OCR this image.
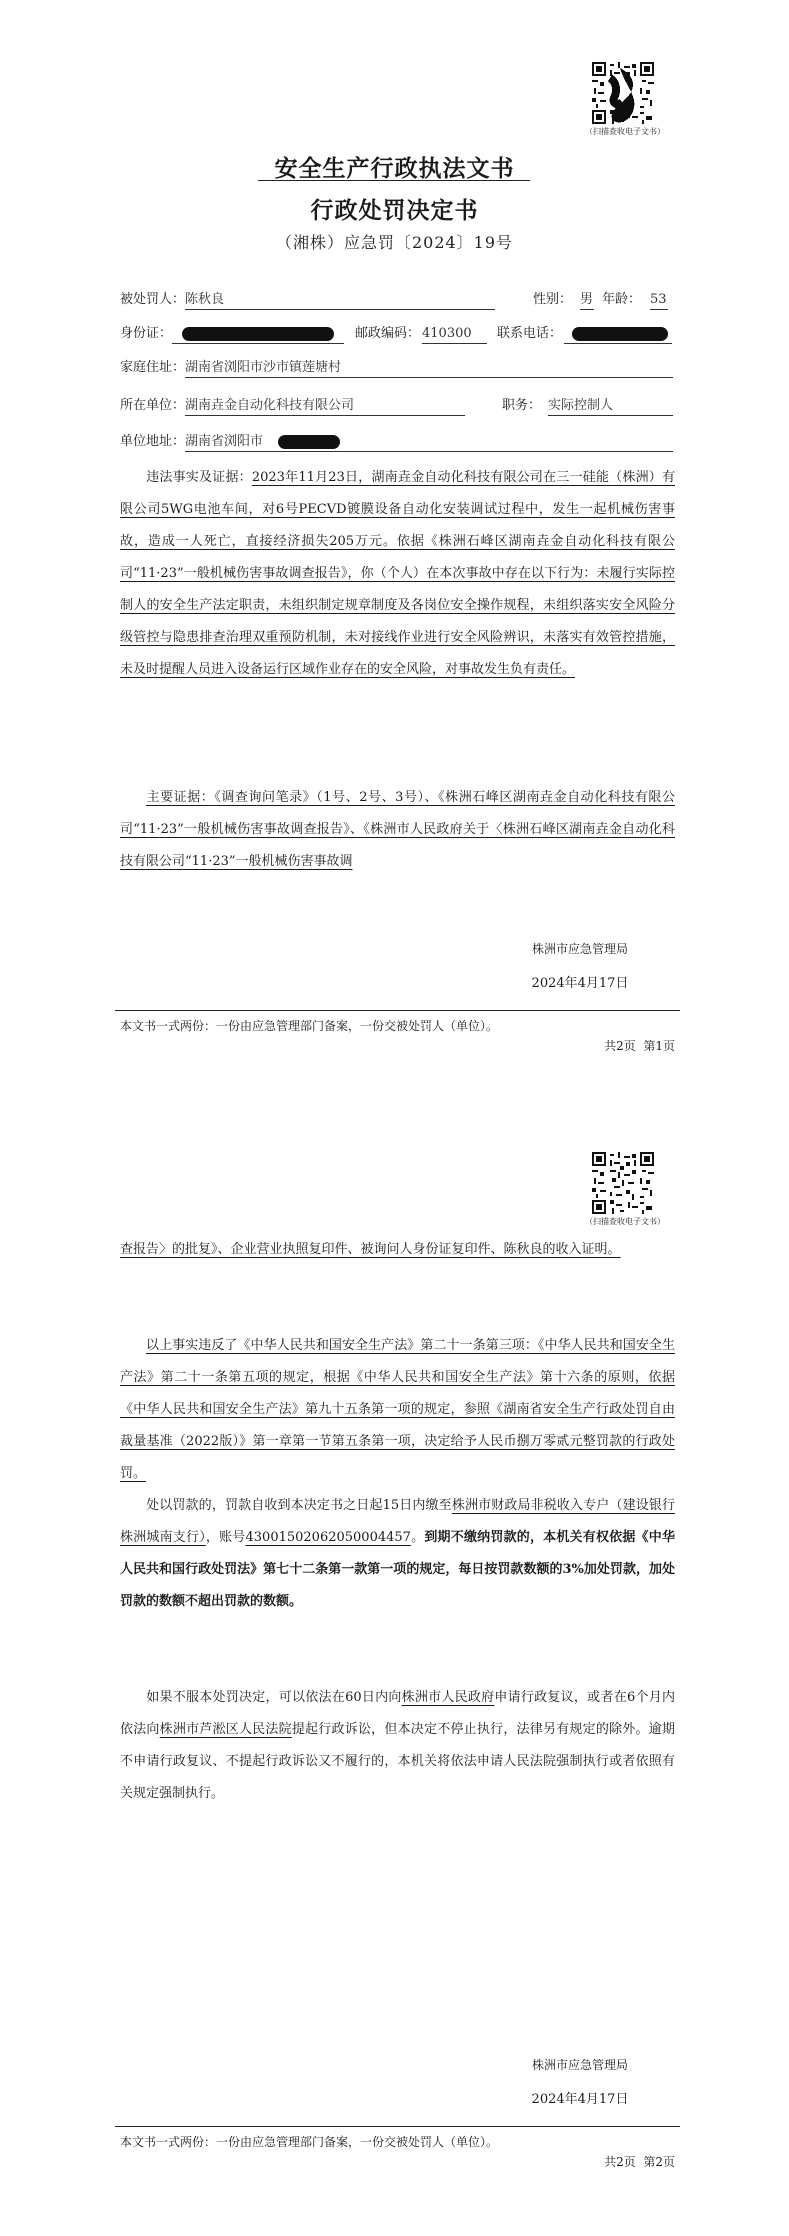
（扫描查收电子文书）
安全生产行政执法文书
行政处罚决定书
（湘株）应急罚〔2024〕19号
被处罚人： 陈秋良	性别： 男 年龄： 53
身份证：	邮政编码： 410300	联系电话：
家庭住址： 湖南省浏阳市沙市镇莲塘村
所在单位： 湖南垚金自动化科技有限公司	职务： 实际控制人
单位地址： 湖南省浏阳市
违法事实及证据：2023年11月23日，湖南垚金自动化科技有限公司在三一硅能（株洲）有限公司5WG电池车间，对6号PECVD镀膜设备自动化安装调试过程中，发生一起机械伤害事故，造成一人死亡，直接经济损失205万元。依据《株洲石峰区湖南垚金自动化科技有限公司“11·23”一般机械伤害事故调查报告》，你（个人）在本次事故中存在以下行为：未履行实际控制人的安全生产法定职责，未组织制定规章制度及各岗位安全操作规程，未组织落实安全风险分级管控与隐患排查治理双重预防机制，未对接线作业进行安全风险辨识，未落实有效管控措施，未及时提醒人员进入设备运行区域作业存在的安全风险，对事故发生负有责任。
主要证据：《调查询问笔录》（1号、2号、3号）、《株洲石峰区湖南垚金自动化科技有限公司“11·23”一般机械伤害事故调查报告》、《株洲市人民政府关于〈株洲石峰区湖南垚金自动化科技有限公司“11·23”一般机械伤害事故调
株洲市应急管理局
2024年4月17日
本文书一式两份：一份由应急管理部门备案，一份交被处罚人（单位）。
共2页 第1页
（扫描查收电子文书）
查报告〉的批复》、企业营业执照复印件、被询问人身份证复印件、陈秋良的收入证明。
以上事实违反了《中华人民共和国安全生产法》第二十一条第三项：《中华人民共和国安全生产法》第二十一条第五项的规定，根据《中华人民共和国安全生产法》第十六条的原则，依据《中华人民共和国安全生产法》第九十五条第一项的规定，参照《湖南省安全生产行政处罚自由裁量基准（2022版）》第一章第一节第五条第一项，决定给予人民币捌万零贰元整罚款的行政处罚。
处以罚款的，罚款自收到本决定书之日起15日内缴至株洲市财政局非税收入专户（建设银行株洲城南支行），账号43001502062050004457。到期不缴纳罚款的，本机关有权依据《中华人民共和国行政处罚法》第七十二条第一款第一项的规定，每日按罚款数额的3%加处罚款，加处罚款的数额不超出罚款的数额。
如果不服本处罚决定，可以依法在60日内向株洲市人民政府申请行政复议，或者在6个月内依法向株洲市芦淞区人民法院提起行政诉讼，但本决定不停止执行，法律另有规定的除外。逾期不申请行政复议、不提起行政诉讼又不履行的，本机关将依法申请人民法院强制执行或者依照有关规定强制执行。
株洲市应急管理局
2024年4月17日
本文书一式两份：一份由应急管理部门备案，一份交被处罚人（单位）。
共2页 第2页
